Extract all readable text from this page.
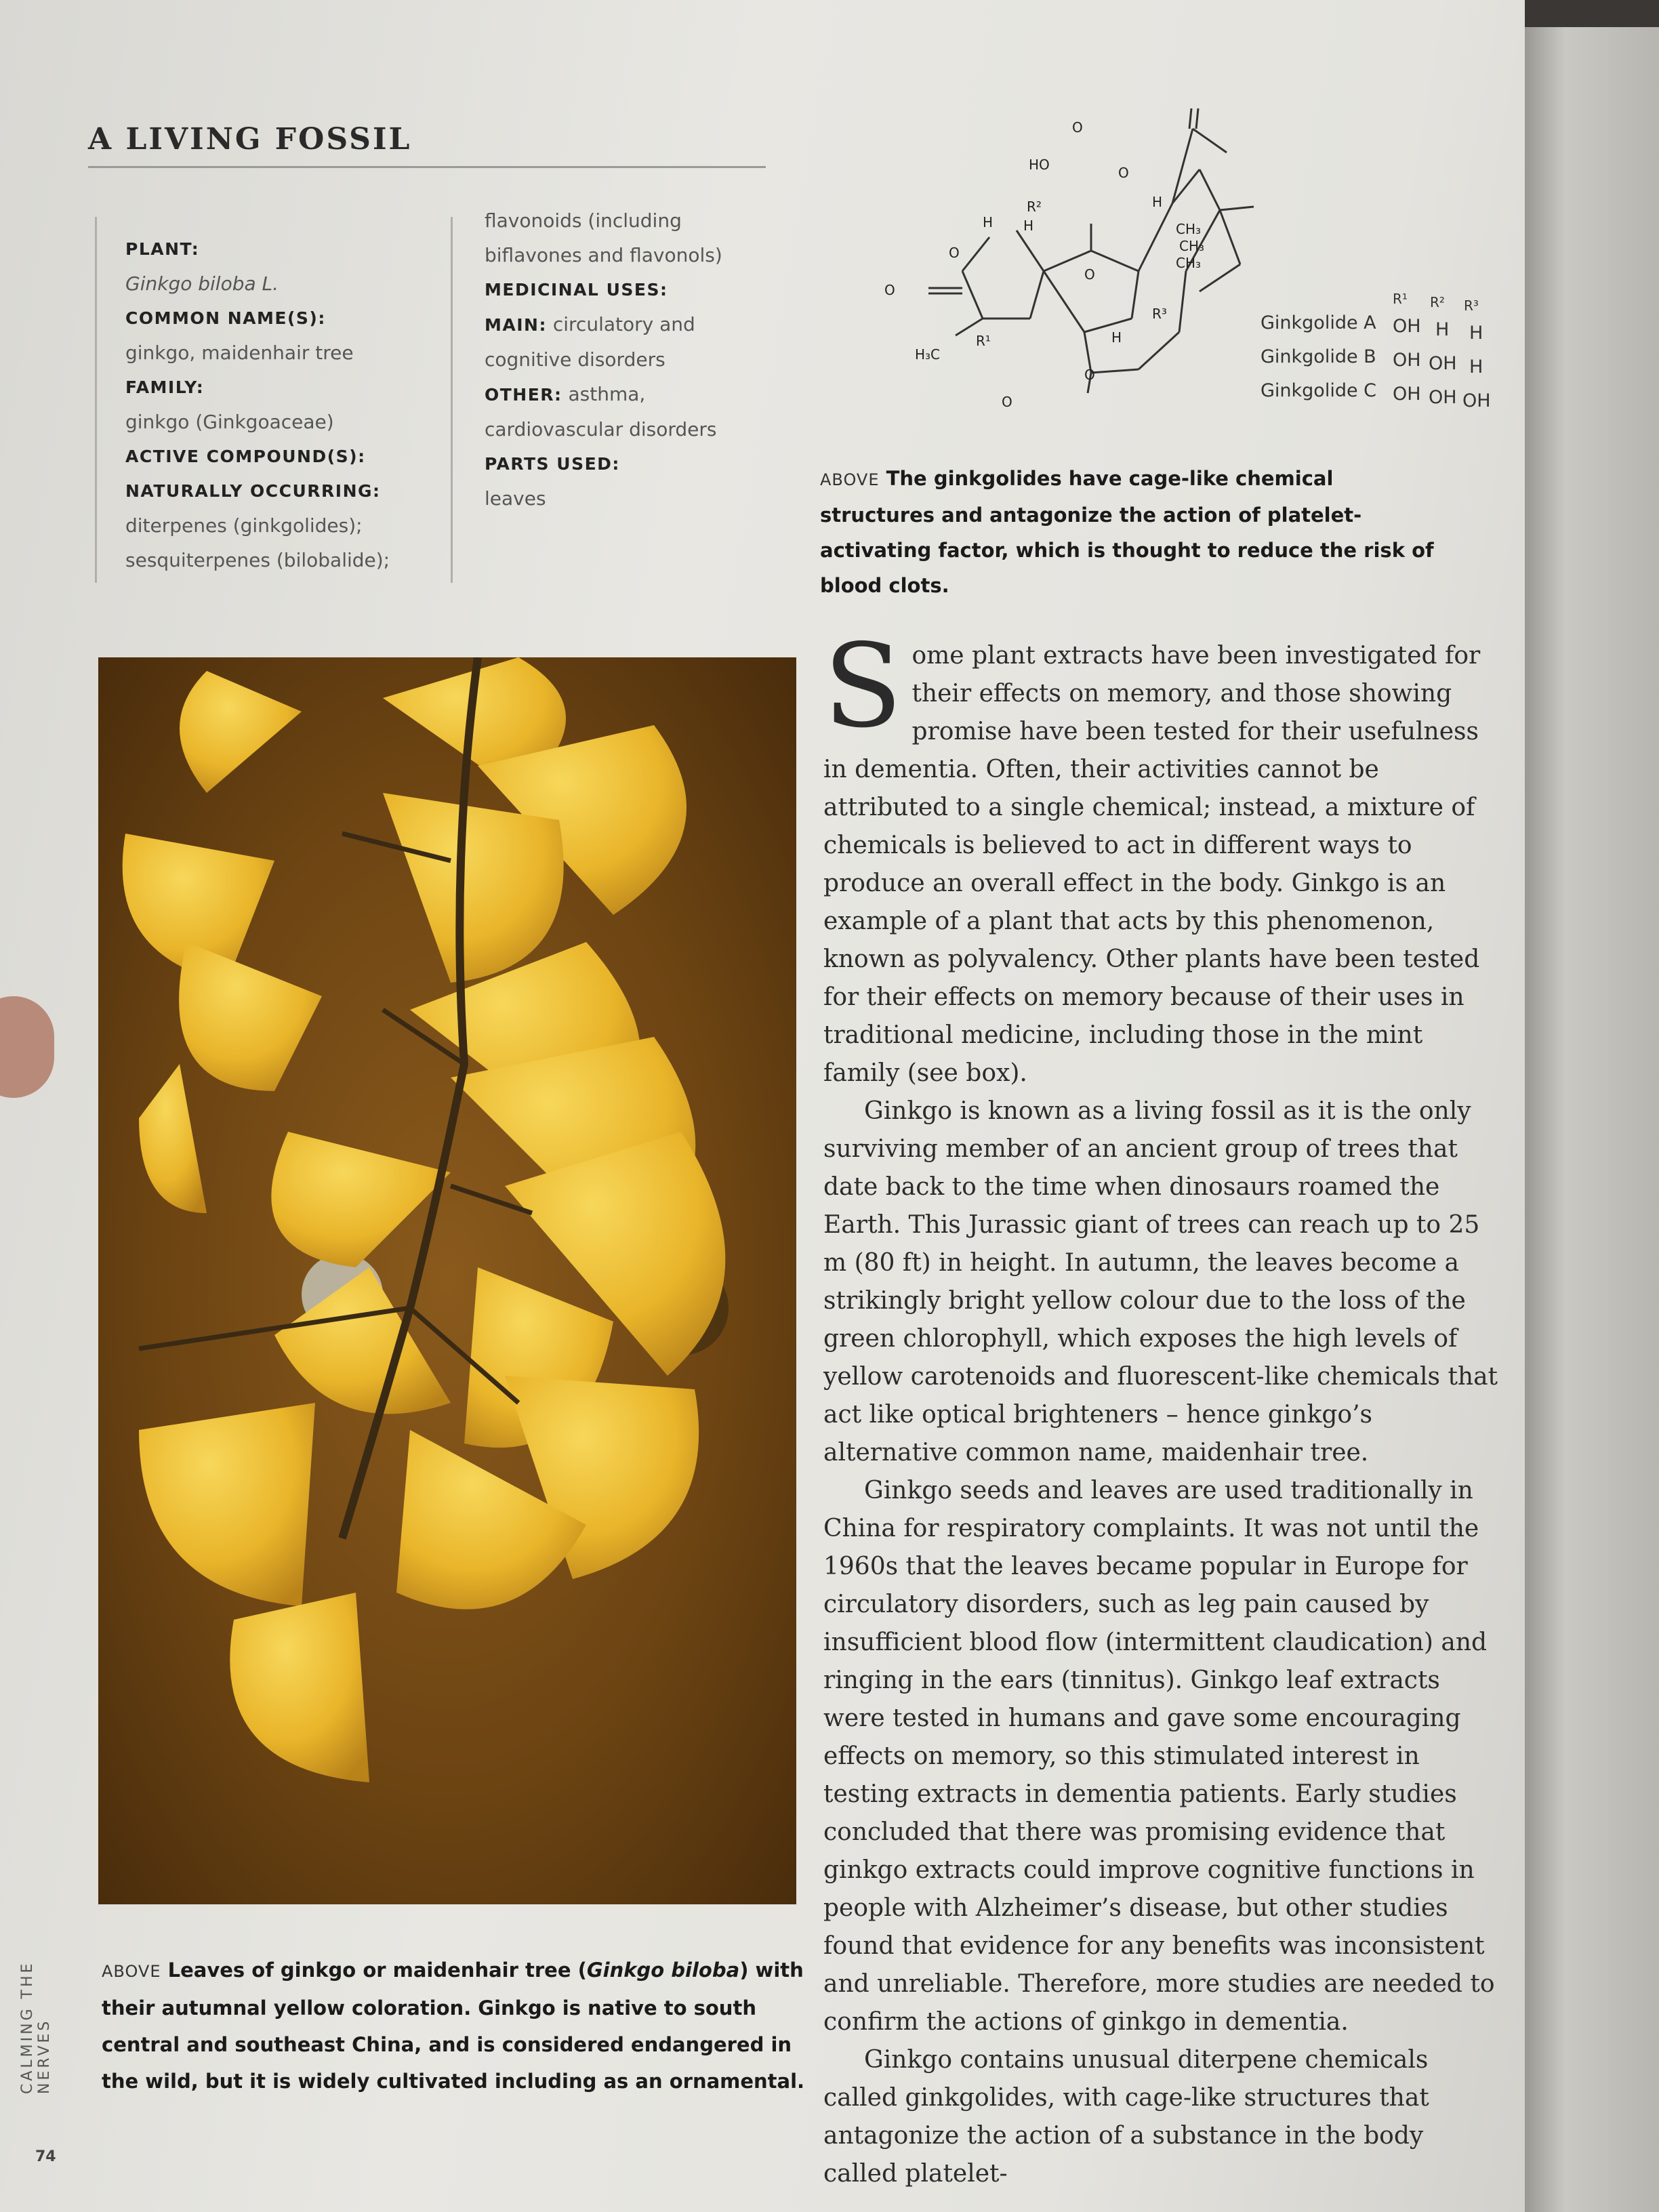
A LIVING FOSSIL
PLANT:
Ginkgo biloba L.
COMMON NAME(S):
ginkgo, maidenhair tree
FAMILY:
ginkgo (Ginkgoaceae)
ACTIVE COMPOUND(S):
NATURALLY OCCURRING:
diterpenes (ginkgolides); sesquiterpenes (bilobalide);
flavonoids (including biflavones and flavonols)
MEDICINAL USES:
MAIN: circulatory and cognitive disorders
OTHER: asthma, cardiovascular disorders
PARTS USED:
leaves
HO
O
O
H
H H
R²
O
O
O
R¹
H₃C
H
R³
O
O
CH₃
CH₃
CH₃
R¹ R² R³
Ginkgolide A OH H H
Ginkgolide B OH OH H
Ginkgolide C OH OH OH
ABOVE The ginkgolides have cage-like chemical structures and antagonize the action of platelet-activating factor, which is thought to reduce the risk of blood clots.
ABOVE Leaves of ginkgo or maidenhair tree (Ginkgo biloba) with their autumnal yellow coloration. Ginkgo is native to south central and southeast China, and is considered endangered in the wild, but it is widely cultivated including as an ornamental.

Some plant extracts have been investigated for their effects on memory, and those showing promise have been tested for their usefulness in dementia. Often, their activities cannot be attributed to a single chemical; instead, a mixture of chemicals is believed to act in different ways to produce an overall effect in the body. Ginkgo is an example of a plant that acts by this phenomenon, known as polyvalency. Other plants have been tested for their effects on memory because of their uses in traditional medicine, including those in the mint family (see box).

Ginkgo is known as a living fossil as it is the only surviving member of an ancient group of trees that date back to the time when dinosaurs roamed the Earth. This Jurassic giant of trees can reach up to 25 m (80 ft) in height. In autumn, the leaves become a strikingly bright yellow colour due to the loss of the green chlorophyll, which exposes the high levels of yellow carotenoids and fluorescent-like chemicals that act like optical brighteners – hence ginkgo’s alternative common name, maidenhair tree.

Ginkgo seeds and leaves are used traditionally in China for respiratory complaints. It was not until the 1960s that the leaves became popular in Europe for circulatory disorders, such as leg pain caused by insufficient blood flow (intermittent claudication) and ringing in the ears (tinnitus). Ginkgo leaf extracts were tested in humans and gave some encouraging effects on memory, so this stimulated interest in testing extracts in dementia patients. Early studies concluded that there was promising evidence that ginkgo extracts could improve cognitive functions in people with Alzheimer’s disease, but other studies found that evidence for any benefits was inconsistent and unreliable. Therefore, more studies are needed to confirm the actions of ginkgo in dementia.

Ginkgo contains unusual diterpene chemicals called ginkgolides, with cage-like structures that antagonize the action of a substance in the body called platelet-

CALMING THE NERVES
74
